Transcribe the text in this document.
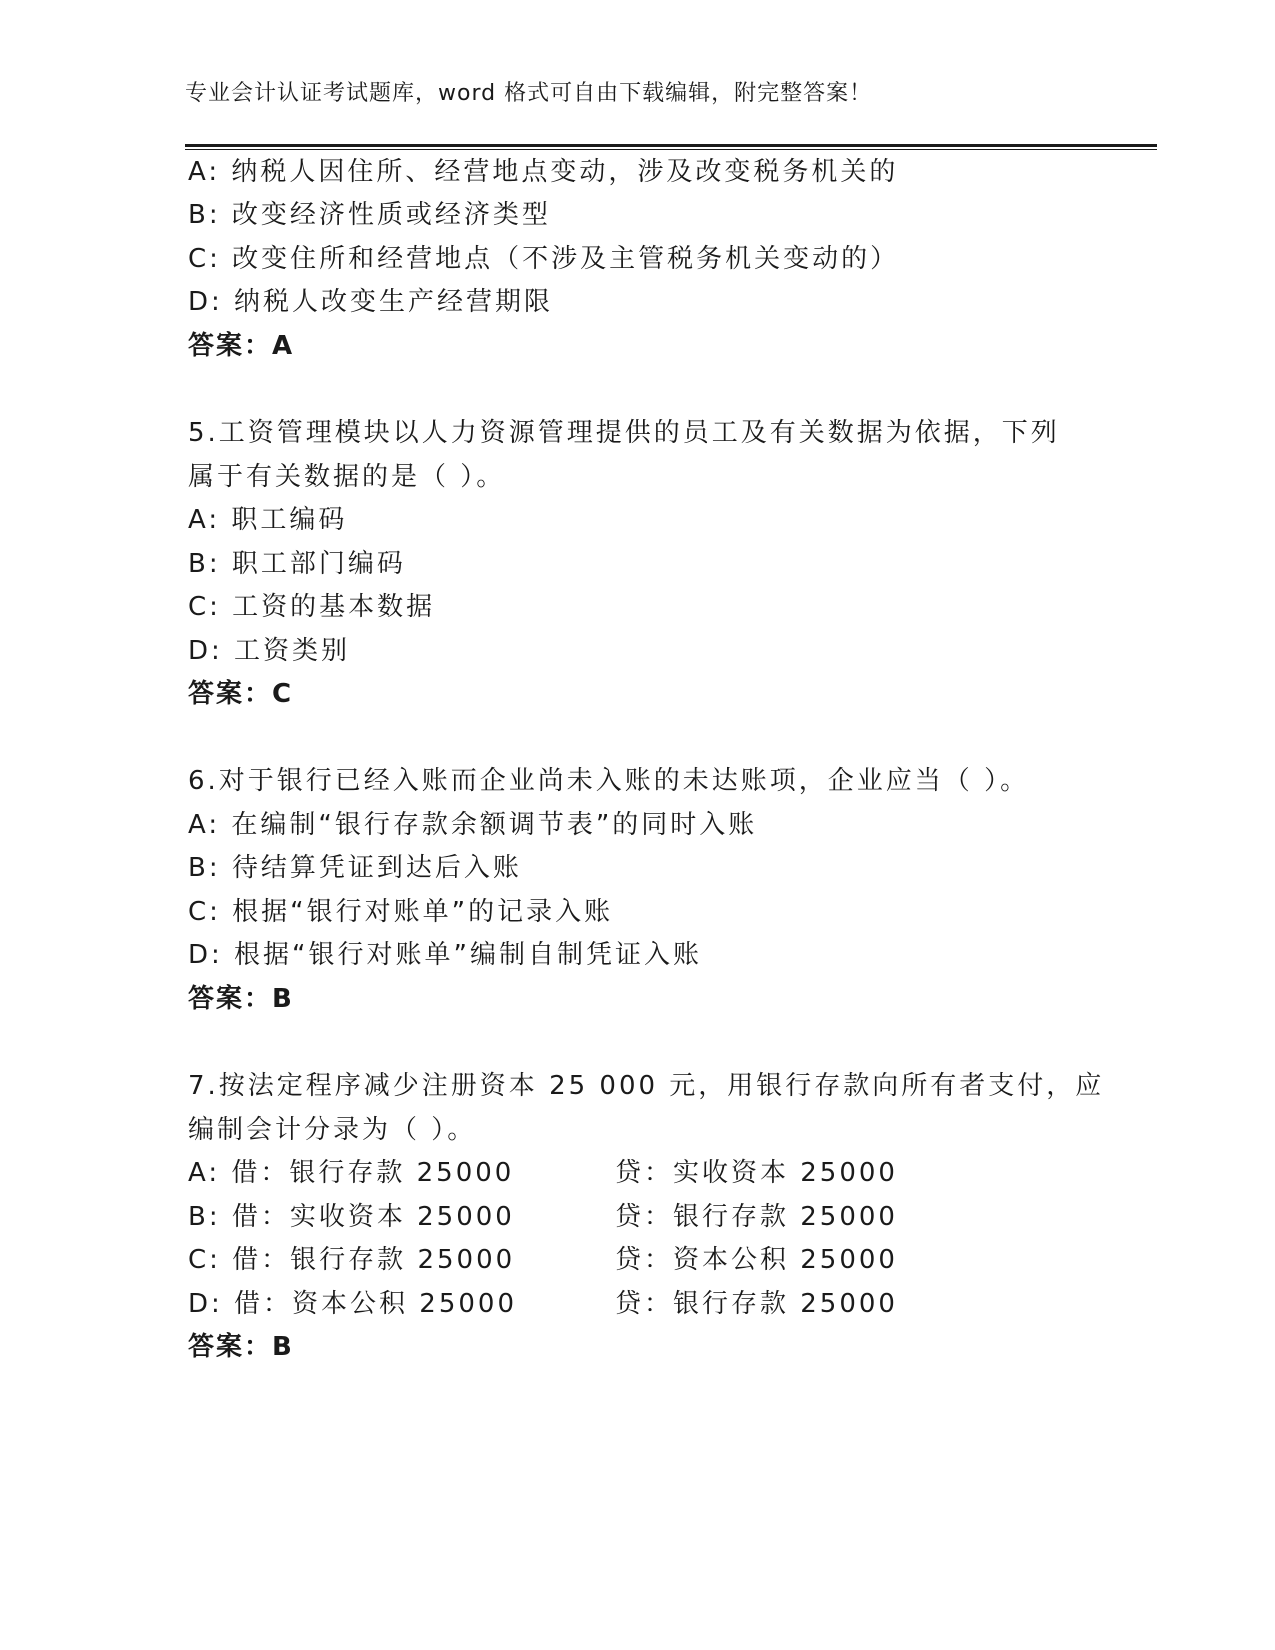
专业会计认证考试题库，word 格式可自由下载编辑，附完整答案！
A: 纳税人因住所、经营地点变动，涉及改变税务机关的
B: 改变经济性质或经济类型
C: 改变住所和经营地点（不涉及主管税务机关变动的）
D: 纳税人改变生产经营期限
答案：A
5.工资管理模块以人力资源管理提供的员工及有关数据为依据，下列
属于有关数据的是（ ）。
A: 职工编码
B: 职工部门编码
C: 工资的基本数据
D: 工资类别
答案：C
6.对于银行已经入账而企业尚未入账的未达账项，企业应当（ ）。
A: 在编制“银行存款余额调节表”的同时入账
B: 待结算凭证到达后入账
C: 根据“银行对账单”的记录入账
D: 根据“银行对账单”编制自制凭证入账
答案：B
7.按法定程序减少注册资本 25 000 元，用银行存款向所有者支付，应
编制会计分录为（ ）。
A: 借：银行存款 25000	贷：实收资本 25000
B: 借：实收资本 25000	贷：银行存款 25000
C: 借：银行存款 25000	贷：资本公积 25000
D: 借：资本公积 25000	贷：银行存款 25000
答案：B
